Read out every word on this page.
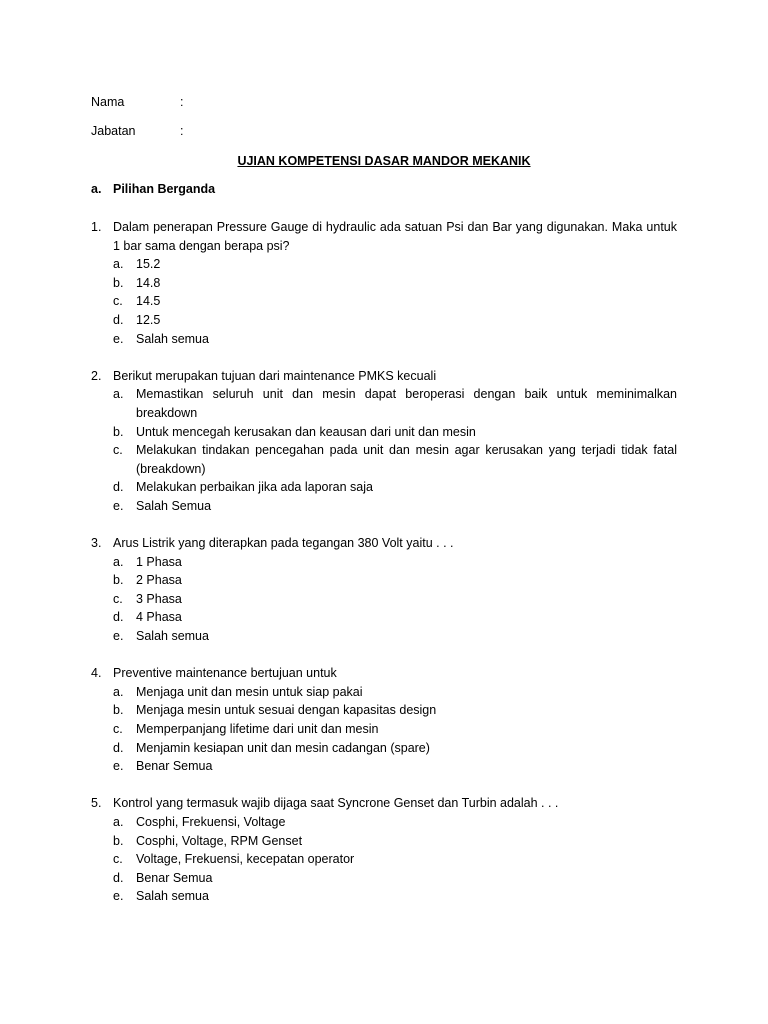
Nama	:
Jabatan	:
UJIAN KOMPETENSI DASAR MANDOR MEKANIK
a. Pilihan Berganda
1. Dalam penerapan Pressure Gauge di hydraulic ada satuan Psi dan Bar yang digunakan. Maka untuk 1 bar sama dengan berapa psi?
a.	15.2
b.	14.8
c.	14.5
d.	12.5
e.	Salah semua
2. Berikut merupakan tujuan dari maintenance PMKS kecuali
a.	Memastikan seluruh unit dan mesin dapat beroperasi dengan baik untuk meminimalkan breakdown
b.	Untuk mencegah kerusakan dan keausan dari unit dan mesin
c.	Melakukan tindakan pencegahan pada unit dan mesin agar kerusakan yang terjadi tidak fatal (breakdown)
d.	Melakukan perbaikan jika ada laporan saja
e.	Salah Semua
3. Arus Listrik yang diterapkan pada tegangan 380 Volt yaitu . . .
a.	1 Phasa
b.	2 Phasa
c.	3 Phasa
d.	4 Phasa
e.	Salah semua
4. Preventive maintenance bertujuan untuk
a.	Menjaga unit dan mesin untuk siap pakai
b.	Menjaga mesin untuk sesuai dengan kapasitas design
c.	Memperpanjang lifetime dari unit dan mesin
d.	Menjamin kesiapan unit dan mesin cadangan (spare)
e.	Benar Semua
5. Kontrol yang termasuk wajib dijaga saat Syncrone Genset dan Turbin adalah . . .
a.	Cosphi, Frekuensi, Voltage
b.	Cosphi, Voltage, RPM Genset
c.	Voltage, Frekuensi, kecepatan operator
d.	Benar Semua
e.	Salah semua
